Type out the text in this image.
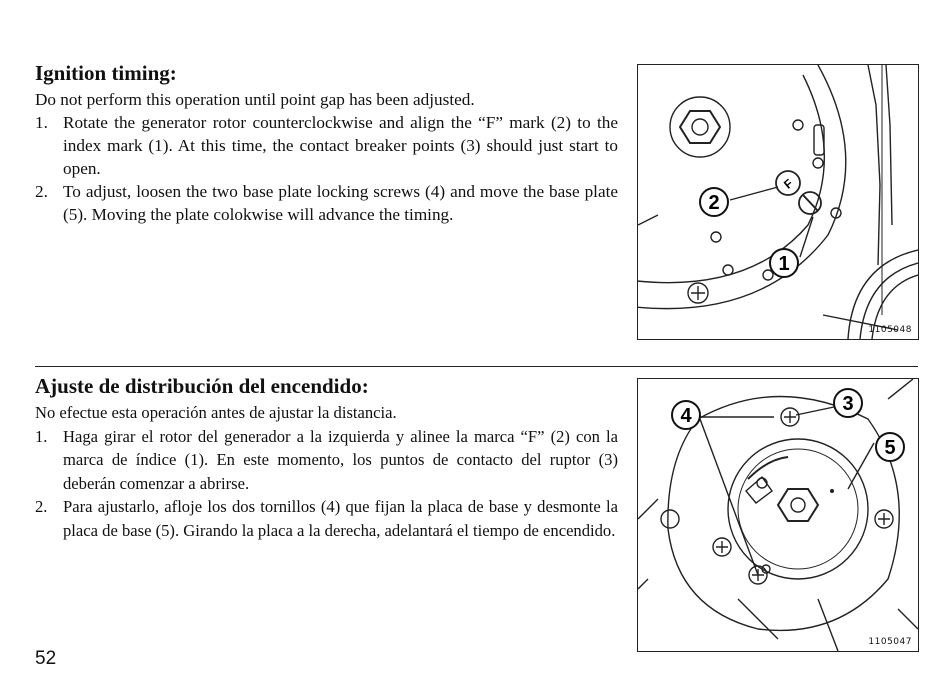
Ignition timing:

Do not perform this operation until point gap has been adjusted.

1. Rotate the generator rotor counterclockwise and align the “F” mark (2) to the index mark (1). At this time, the contact breaker points (3) should just start to open.
2. To adjust, loosen the two base plate locking screws (4) and move the base plate (5). Moving the plate colokwise will advance the timing.
F
2
1
1105048
Ajuste de distribución del encendido:

No efectue esta operación antes de ajustar la distancia.

1. Haga girar el rotor del generador a la izquierda y alinee la marca “F” (2) con la marca de índice (1). En este momento, los puntos de contacto del ruptor (3) deberán comenzar a abrirse.
2. Para ajustarlo, afloje los dos tornillos (4) que fijan la placa de base y desmonte la placa de base (5). Girando la placa a la derecha, adelantará el tiempo de encendido.
4
3
5
1105047
52
